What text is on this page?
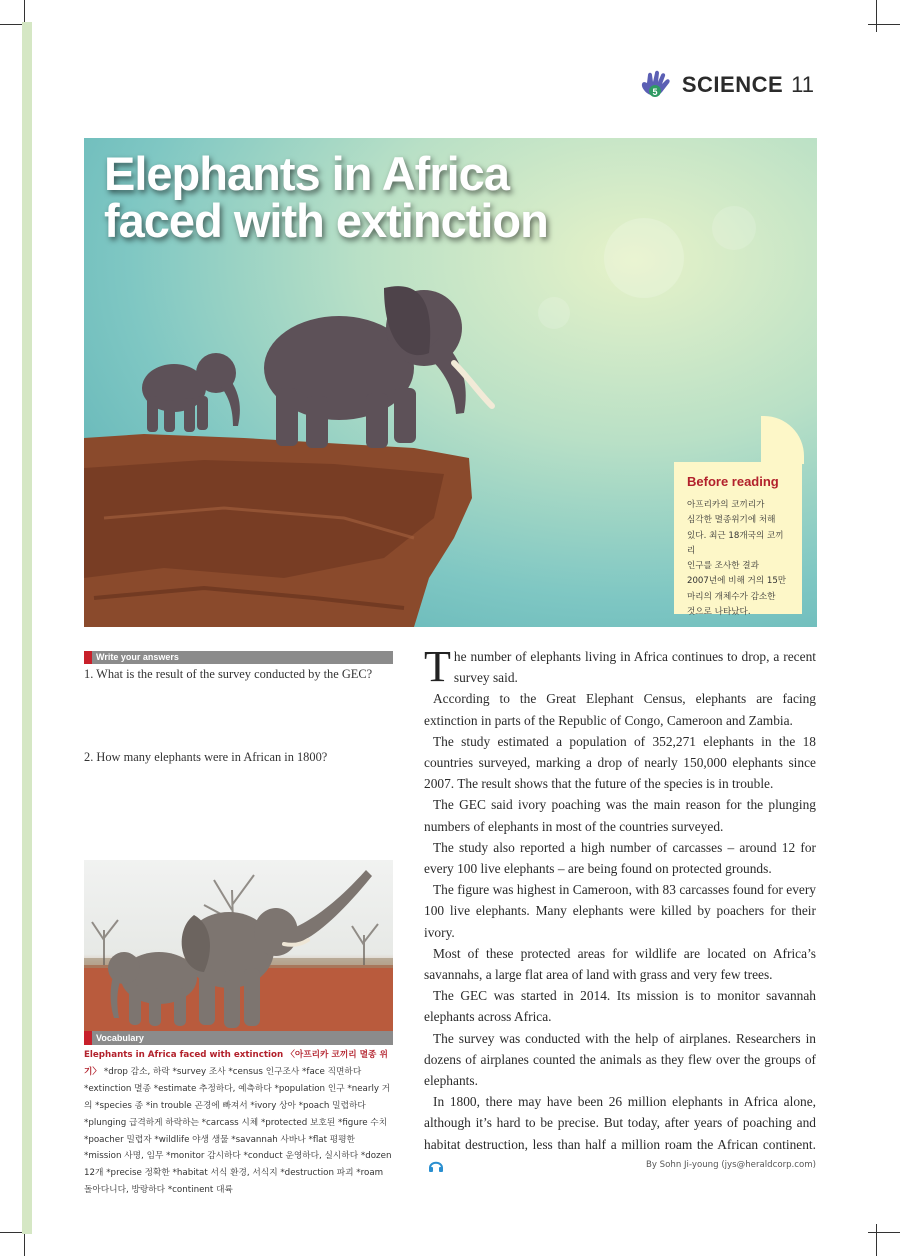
5 SCIENCE 11
Elephants in Africa
faced with extinction
Before reading
아프리카의 코끼리가
심각한 멸종위기에 처해
있다. 최근 18개국의 코끼리
인구를 조사한 결과
2007년에 비해 거의 15만
마리의 개체수가 감소한
것으로 나타났다.
Write your answers
1. What is the result of the survey conducted by the GEC?
2. How many elephants were in African in 1800?
Vocabulary
Elephants in Africa faced with extinction 〈아프리카 코끼리 멸종 위기〉 *drop 감소, 하락 *survey 조사 *census 인구조사 *face 직면하다 *extinction 멸종 *estimate 추정하다, 예측하다 *population 인구 *nearly 거의 *species 종 *in trouble 곤경에 빠져서 *ivory 상아 *poach 밀렵하다 *plunging 급격하게 하락하는 *carcass 시체 *protected 보호된 *figure 수치 *poacher 밀렵자 *wildlife 야생 생물 *savannah 사바나 *flat 평평한 *mission 사명, 임무 *monitor 감시하다 *conduct 운영하다, 실시하다 *dozen 12개 *precise 정확한 *habitat 서식 환경, 서식지 *destruction 파괴 *roam 돌아다니다, 방랑하다 *continent 대륙

The number of elephants living in Africa continues to drop, a recent survey said.

According to the Great Elephant Census, elephants are facing extinction in parts of the Republic of Congo, Cameroon and Zambia.

The study estimated a population of 352,271 elephants in the 18 countries surveyed, marking a drop of nearly 150,000 elephants since 2007. The result shows that the future of the species is in trouble.

The GEC said ivory poaching was the main reason for the plunging numbers of elephants in most of the countries surveyed.

The study also reported a high number of carcasses – around 12 for every 100 live elephants – are being found on protected grounds.

The figure was highest in Cameroon, with 83 carcasses found for every 100 live elephants. Many elephants were killed by poachers for their ivory.

Most of these protected areas for wildlife are located on Africa’s savannahs, a large flat area of land with grass and very few trees.

The GEC was started in 2014. Its mission is to monitor savannah elephants across Africa.

The survey was conducted with the help of airplanes. Researchers in dozens of airplanes counted the animals as they flew over the groups of elephants.

In 1800, there may have been 26 million elephants in Africa alone, although it’s hard to be precise. But today, after years of poaching and habitat destruction, less than half a million roam the African continent.

By Sohn Ji-young (jys@heraldcorp.com)
